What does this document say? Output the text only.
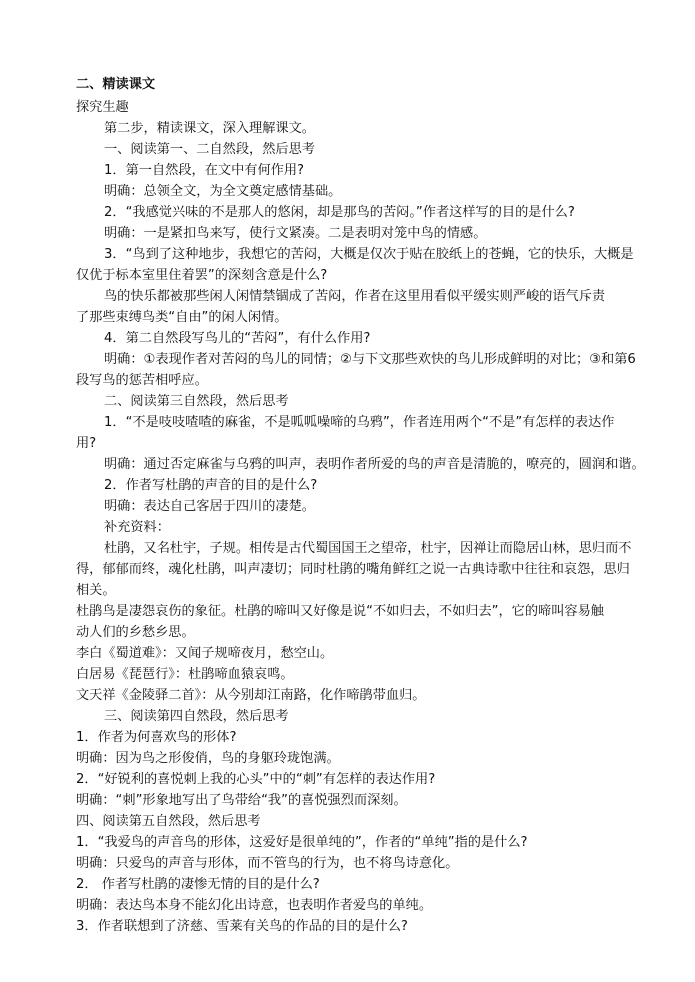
二、精读课文
探究生趣
第二步，精读课文，深入理解课文。
一、阅读第一、二自然段，然后思考
1．第一自然段，在文中有何作用?
明确：总领全文，为全文奠定感情基础。
2．“我感觉兴味的不是那人的悠闲，却是那鸟的苦闷。”作者这样写的目的是什么?
明确：一是紧扣鸟来写，使行文紧凑。二是表明对笼中鸟的情感。
3．“鸟到了这种地步，我想它的苦闷，大概是仅次于贴在胶纸上的苍蝇，它的快乐，大概是
仅优于标本室里住着罢”的深刻含意是什么?
鸟的快乐都被那些闲人闲情禁锢成了苦闷，作者在这里用看似平缓实则严峻的语气斥责
了那些束缚鸟类“自由”的闲人闲情。
4．第二自然段写鸟儿的“苦闷”，有什么作用?
明确：①表现作者对苦闷的鸟儿的同情；②与下文那些欢快的鸟儿形成鲜明的对比；③和第6
段写鸟的惩苦相呼应。
二、阅读第三自然段，然后思考
1．“不是吱吱喳喳的麻雀，不是呱呱噪啼的乌鸦”，作者连用两个“不是”有怎样的表达作
用?
明确：通过否定麻雀与乌鸦的叫声，表明作者所爱的鸟的声音是清脆的，嘹亮的，圆润和谐。
2．作者写杜鹃的声音的目的是什么?
明确：表达自己客居于四川的凄楚。
补充资料：
杜鹃，又名杜宇，子规。相传是古代蜀国国王之望帝，杜宇，因禅让而隐居山林，思归而不
得，郁郁而终，魂化杜鹃，叫声凄切；同时杜鹃的嘴角鲜红之说一古典诗歌中往往和哀怨，思归
相关。
杜鹃鸟是凄怨哀伤的象征。杜鹃的啼叫又好像是说“不如归去，不如归去”，它的啼叫容易触
动人们的乡愁乡思。
李白《蜀道难》：又闻子规啼夜月，愁空山。
白居易《琵琶行》：杜鹃啼血猿哀鸣。
文天祥《金陵驿二首》：从今别却江南路，化作啼鹃带血归。
三、阅读第四自然段，然后思考
1．作者为何喜欢鸟的形体?
明确：因为鸟之形俊俏，鸟的身躯玲珑饱满。
2．“好锐利的喜悦刺上我的心头”中的“刺”有怎样的表达作用?
明确：“刺”形象地写出了鸟带给“我”的喜悦强烈而深刻。
四、阅读第五自然段，然后思考
1．“我爱鸟的声音鸟的形体，这爱好是很单纯的”，作者的“单纯”指的是什么?
明确：只爱鸟的声音与形体，而不管鸟的行为，也不将鸟诗意化。
2． 作者写杜鹃的凄惨无情的目的是什么?
明确：表达鸟本身不能幻化出诗意，也表明作者爱鸟的单纯。
3．作者联想到了济慈、雪莱有关鸟的作品的目的是什么?
